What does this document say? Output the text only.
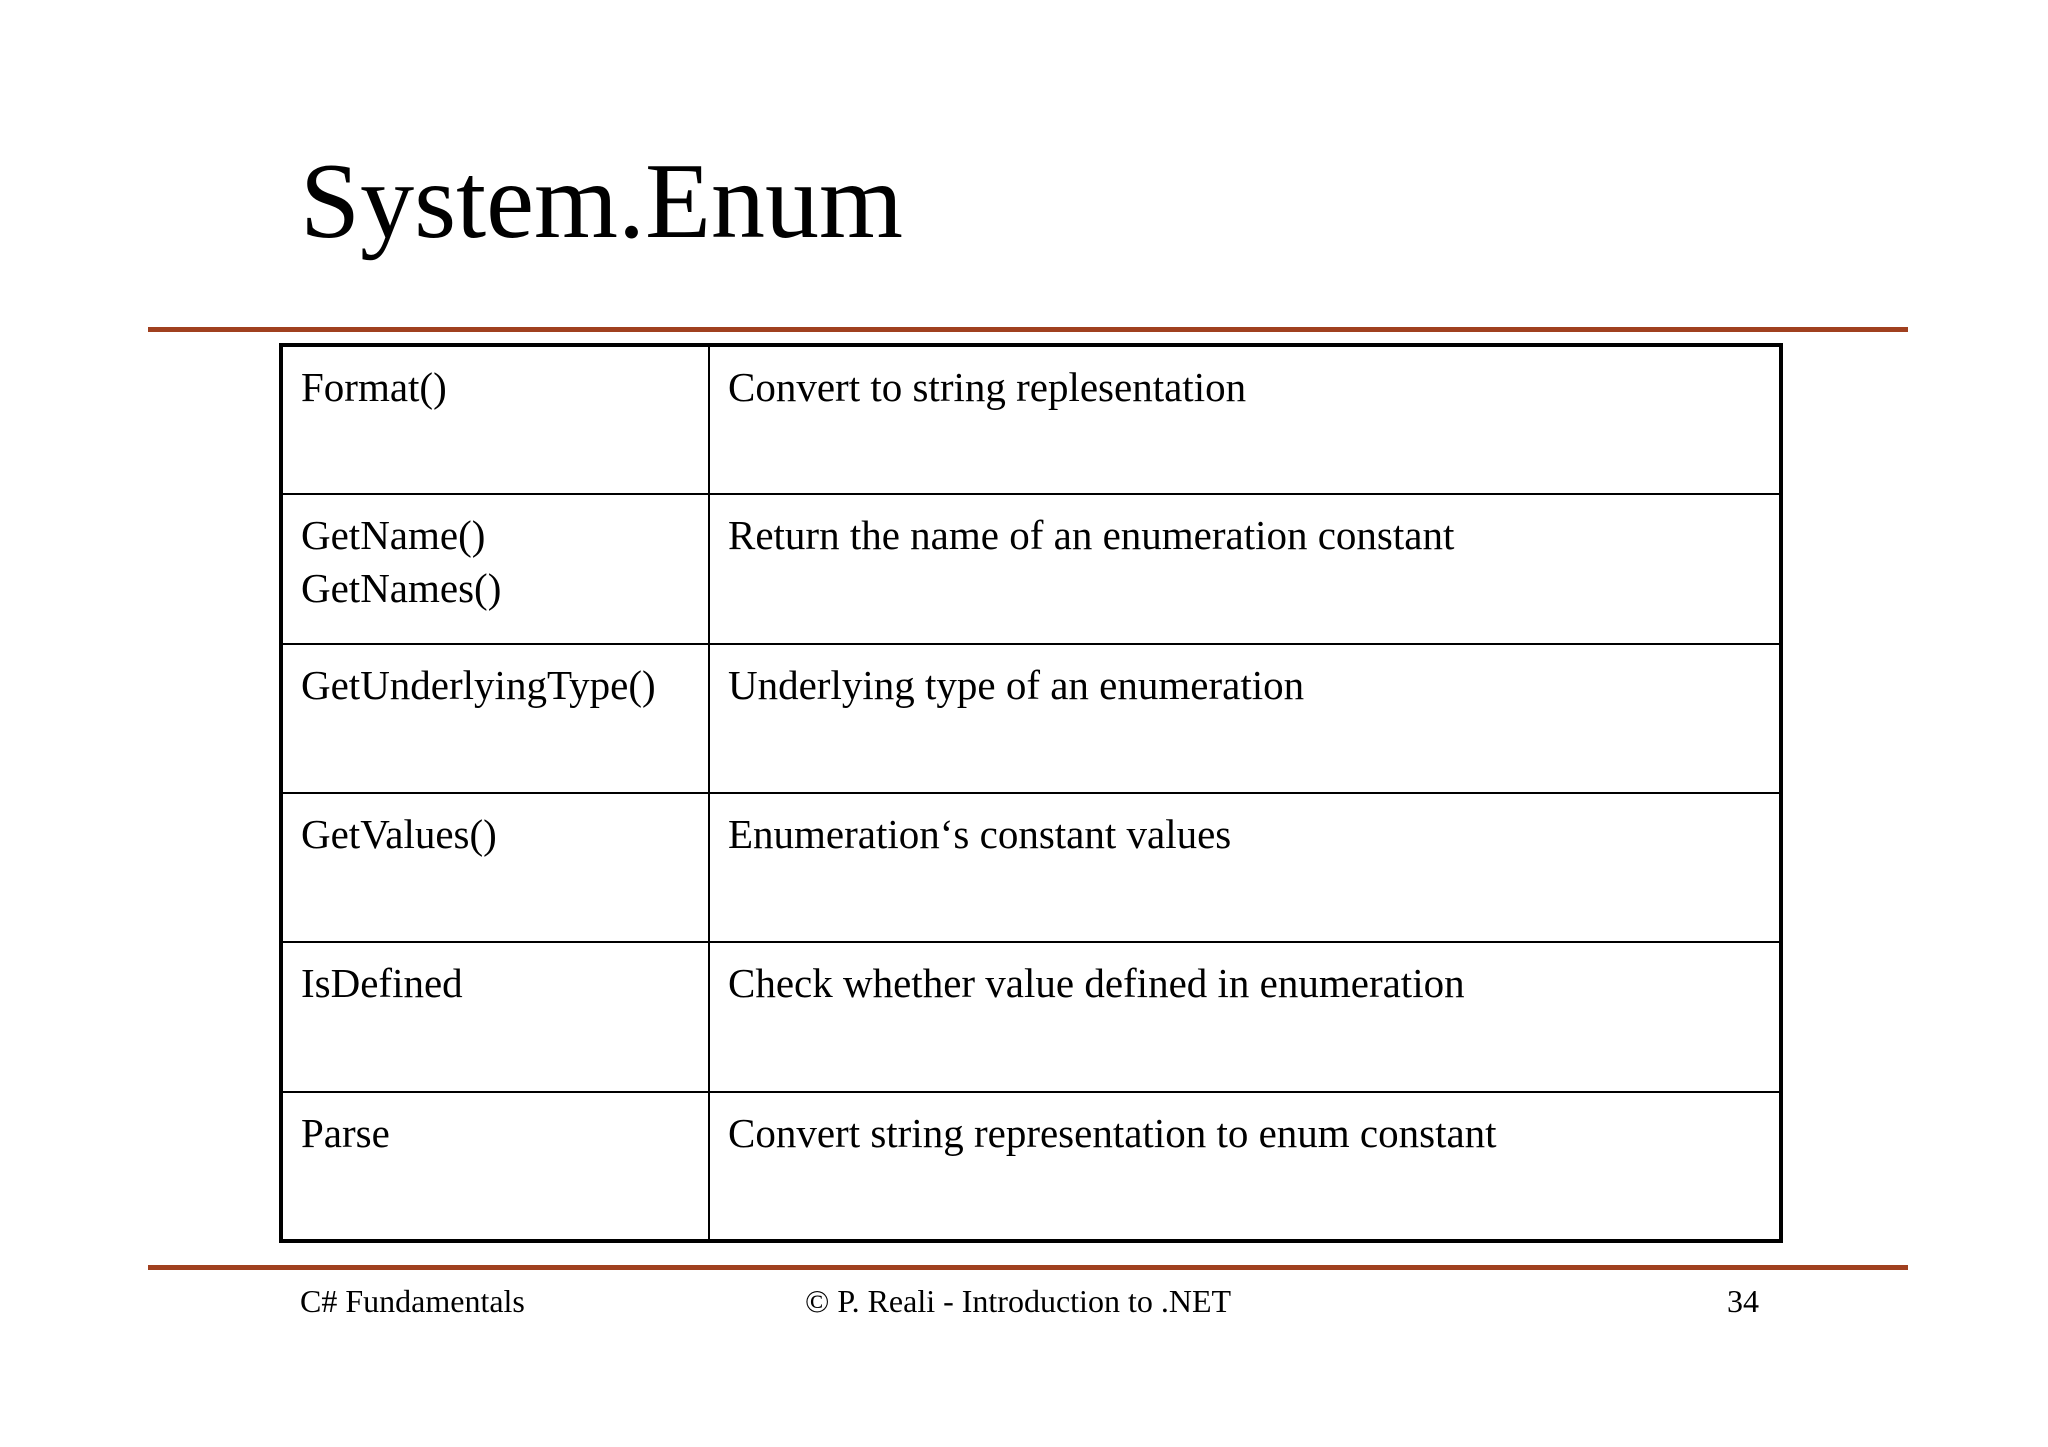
System.Enum
Format()	Convert to string replesentation

GetName()
GetNames()	Return the name of an enumeration constant

GetUnderlyingType()	Underlying type of an enumeration

GetValues()	Enumeration‘s constant values

IsDefined	Check whether value defined in enumeration

Parse	Convert string representation to enum constant
C# Fundamentals	© P. Reali - Introduction to .NET	34
